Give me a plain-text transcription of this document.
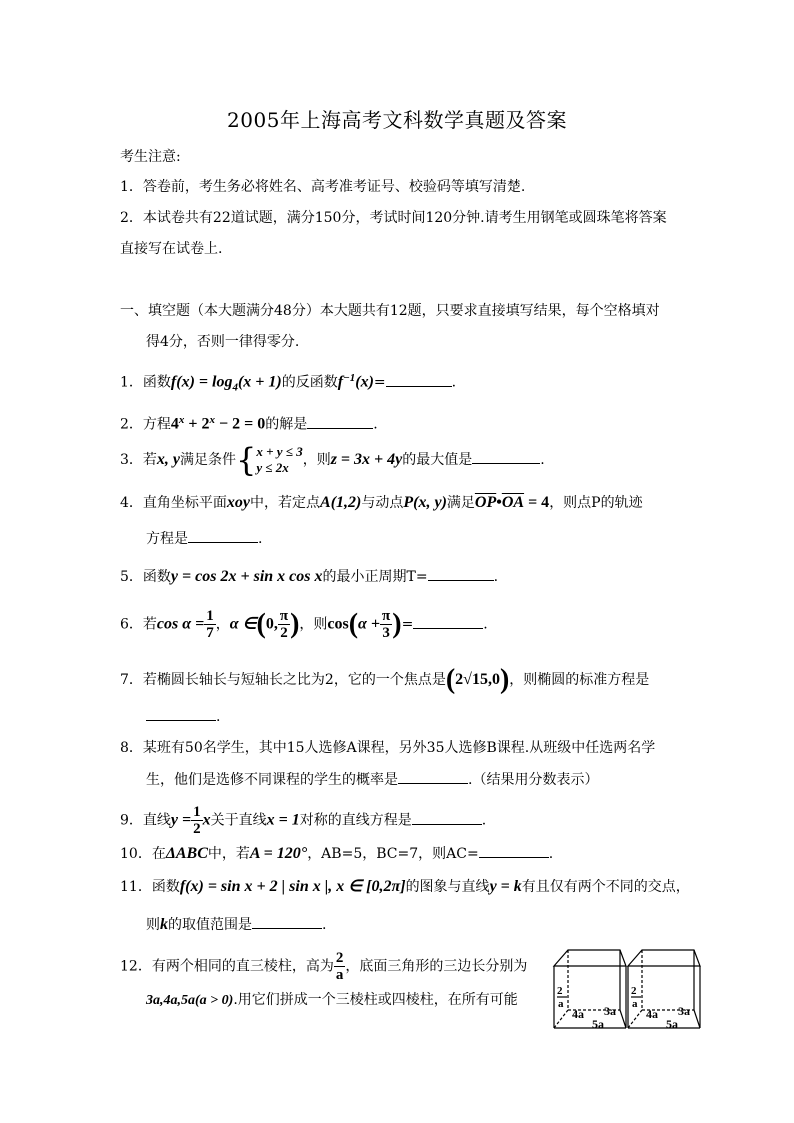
2005年上海高考文科数学真题及答案
考生注意:
1．答卷前，考生务必将姓名、高考准考证号、校验码等填写清楚.
2．本试卷共有22道试题，满分150分，考试时间120分钟.请考生用钢笔或圆珠笔将答案
直接写在试卷上.
一、填空题（本大题满分48分）本大题共有12题，只要求直接填写结果，每个空格填对
得4分，否则一律得零分.
1．函数$f(x) = \log_4(x + 1)$的反函数$f^{-1}(x)=$	.
2．方程$4^x + 2^x - 2 = 0$的解是	.
3．若x, y满足条件{ x + y ≤ 3
y ≤ 2x ，则z = 3x + 4y的最大值是	.
4．直角坐标平面xoy中，若定点A(1,2)与动点P(x, y)满足$\overline{OP}•\overline{OA} = 4$，则点P的轨迹
方程是	.
5．函数y = cos 2x + sin x cos x的最小正周期T=	.
6．若$\cos \alpha = \frac{1}{7}$ ，α ∈(0, $\frac{\pi}{2}$ )，则$\cos(\alpha + \frac{\pi}{3}$ )=	.
7．若椭圆长轴长与短轴长之比为2，它的一个焦点是(2√15,0)，则椭圆的标准方程是
.
8．某班有50名学生，其中15人选修A课程，另外35人选修B课程.从班级中任选两名学
生，他们是选修不同课程的学生的概率是	.（结果用分数表示）
9．直线$y = \frac{1}{2}$ x关于直线x = 1对称的直线方程是	.
10．在ΔABC中，若A = 120°，AB=5，BC=7，则AC=	.
11．函数f(x) = sin x + 2 | sin x |, x ∈ [0,2π]的图象与直线y = k有且仅有两个不同的交点，
则k的取值范围是	.
12．有两个相同的直三棱柱，高为 $\frac{2}{a}$ ，底面三角形的三边长分别为
3a,4a,5a(a > 0).用它们拼成一个三棱柱或四棱柱，在所有可能
2
a
2
a
4a 3a
5a
4a 3a
5a
